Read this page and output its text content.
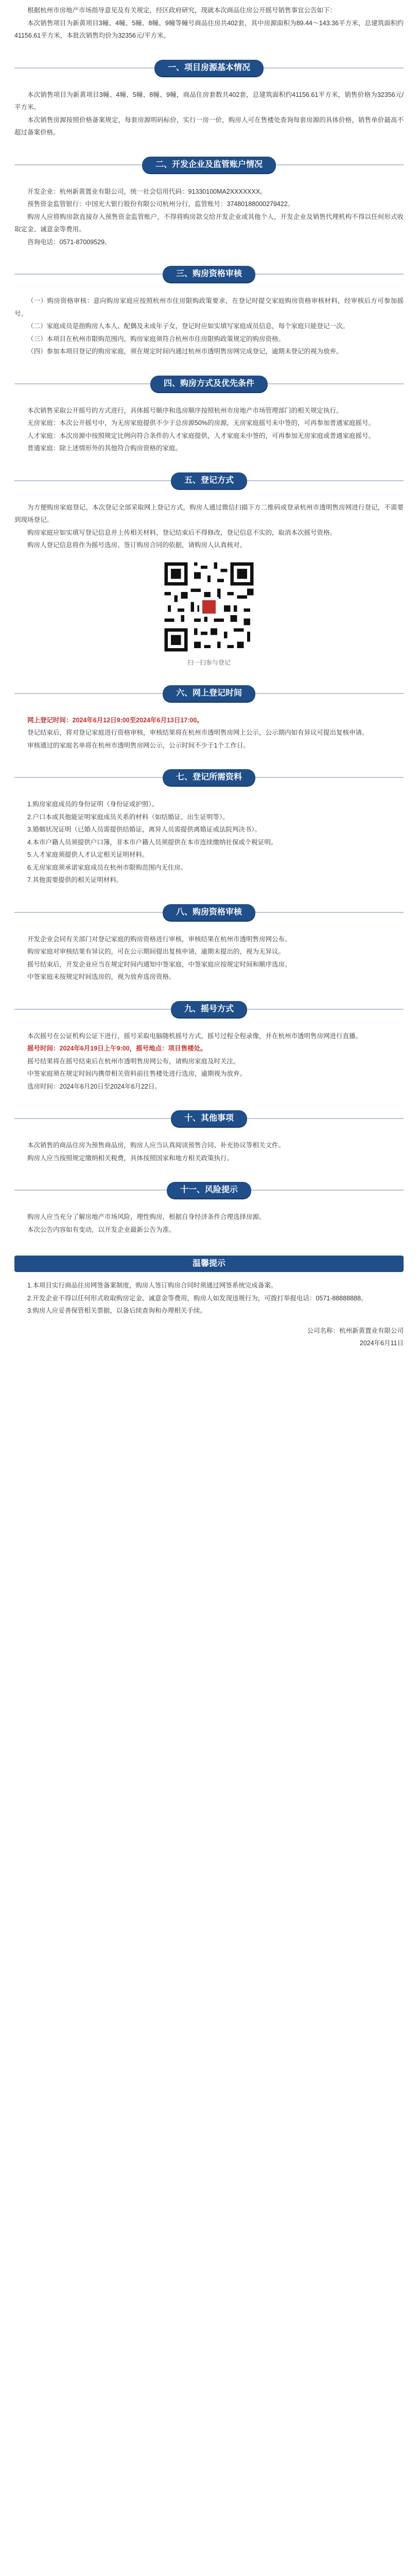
根据杭州市房地产市场指导意见及有关规定，经区政府研究，现就本次商品住房公开摇号销售事宜公告如下：

本次销售项目为新黄项目3幢、4幢、5幢、8幢、9幢等幢号商品住房共402套，其中房源面积为89.44～143.36平方米，总建筑面积约41156.61平方米，本批次销售均价为32356元/平方米。

一、项目房源基本情况

本次销售项目为新黄项目3幢、4幢、5幢、8幢、9幢，商品住房套数共402套，总建筑面积约41156.61平方米，销售价格为32356元/平方米。

本次销售房源按照价格备案规定，每套房源明码标价，实行一房一价，购房人可在售楼处查询每套房源的具体价格，销售单价最高不超过备案价格。

二、开发企业及监管账户情况

开发企业：杭州新黄置业有限公司，统一社会信用代码：91330100MA2XXXXXXX。

预售资金监管银行：中国光大银行股份有限公司杭州分行，监管账号：37480188000279422。

购房人应将购房款直接存入预售资金监管账户，不得将购房款交给开发企业或其他个人，开发企业及销售代理机构不得以任何形式收取定金、诚意金等费用。

咨询电话：0571-87009529。

三、购房资格审核

（一）购房资格审核：意向购房家庭应按照杭州市住房限购政策要求，在登记时提交家庭购房资格审核材料，经审核后方可参加摇号。

（二）家庭成员是指购房人本人、配偶及未成年子女，登记时应如实填写家庭成员信息，每个家庭只能登记一次。

（三）本项目在杭州市限购范围内，购房家庭须符合杭州市住房限购政策规定的购房资格。

（四）参加本项目登记的购房家庭，须在规定时间内通过杭州市透明售房网完成登记，逾期未登记的视为放弃。

四、购房方式及优先条件

本次销售采取公开摇号的方式进行，具体摇号顺序和选房顺序按照杭州市房地产市场管理部门的相关规定执行。

无房家庭：本次公开摇号中，为无房家庭提供不少于总房源50%的房源，无房家庭摇号未中签的，可再参加普通家庭摇号。

人才家庭：本次房源中按照规定比例向符合条件的人才家庭提供，人才家庭未中签的，可再参加无房家庭或普通家庭摇号。

普通家庭：除上述情形外的其他符合购房资格的家庭。

五、登记方式

为方便购房家庭登记，本次登记全部采取网上登记方式，购房人通过微信扫描下方二维码或登录杭州市透明售房网进行登记，不需要到现场登记。

购房家庭应如实填写登记信息并上传相关材料，登记结束后不得修改，登记信息不实的，取消本次摇号资格。

购房人登记信息将作为摇号选房、签订购房合同的依据，请购房人认真核对。

扫一扫参与登记

六、网上登记时间

网上登记时间：2024年6月12日9:00至2024年6月13日17:00。

登记结束后，将对登记家庭进行资格审核，审核结果将在杭州市透明售房网上公示，公示期内如有异议可提出复核申请。

审核通过的家庭名单将在杭州市透明售房网公示，公示时间不少于1个工作日。

七、登记所需资料

1.购房家庭成员的身份证明（身份证或护照）。

2.户口本或其他能证明家庭成员关系的材料（如结婚证、出生证明等）。

3.婚姻状况证明（已婚人员需提供结婚证，离异人员需提供离婚证或法院判决书）。

4.本市户籍人员须提供户口簿，非本市户籍人员须提供在本市连续缴纳社保或个税证明。

5.人才家庭须提供人才认定相关证明材料。

6.无房家庭须承诺家庭成员在杭州市限购范围内无住房。

7.其他需要提供的相关证明材料。

八、购房资格审核

开发企业会同有关部门对登记家庭的购房资格进行审核，审核结果在杭州市透明售房网公布。

购房家庭对审核结果有异议的，可在公示期间提出复核申请，逾期未提出的，视为无异议。

摇号结束后，开发企业应当在规定时间内通知中签家庭，中签家庭应按规定时间和顺序选房。

中签家庭未按规定时间选房的，视为放弃选房资格。

九、摇号方式

本次摇号在公证机构公证下进行，摇号采取电脑随机摇号方式，摇号过程全程录像，并在杭州市透明售房网进行直播。

摇号时间：2024年6月19日上午9:00，摇号地点：项目售楼处。

摇号结果将在摇号结束后在杭州市透明售房网公布，请购房家庭及时关注。

中签家庭须在规定时间内携带相关资料前往售楼处进行选房，逾期视为放弃。

选房时间：2024年6月20日至2024年6月22日。

十、其他事项

本次销售的商品住房为预售商品房，购房人应当认真阅读预售合同、补充协议等相关文件。

购房人应当按照规定缴纳相关税费，具体按照国家和地方相关政策执行。

十一、风险提示

购房人应当充分了解房地产市场风险，理性购房，根据自身经济条件合理选择房源。

本次公告内容如有变动，以开发企业最新公告为准。

温馨提示

1.本项目实行商品住房网签备案制度，购房人签订购房合同时须通过网签系统完成备案。

2.开发企业不得以任何形式收取购房定金、诚意金等费用，购房人如发现违规行为，可拨打举报电话：0571-88888888。

3.购房人应妥善保管相关票据，以备后续查询和办理相关手续。

公司名称：杭州新黄置业有限公司

2024年6月11日
